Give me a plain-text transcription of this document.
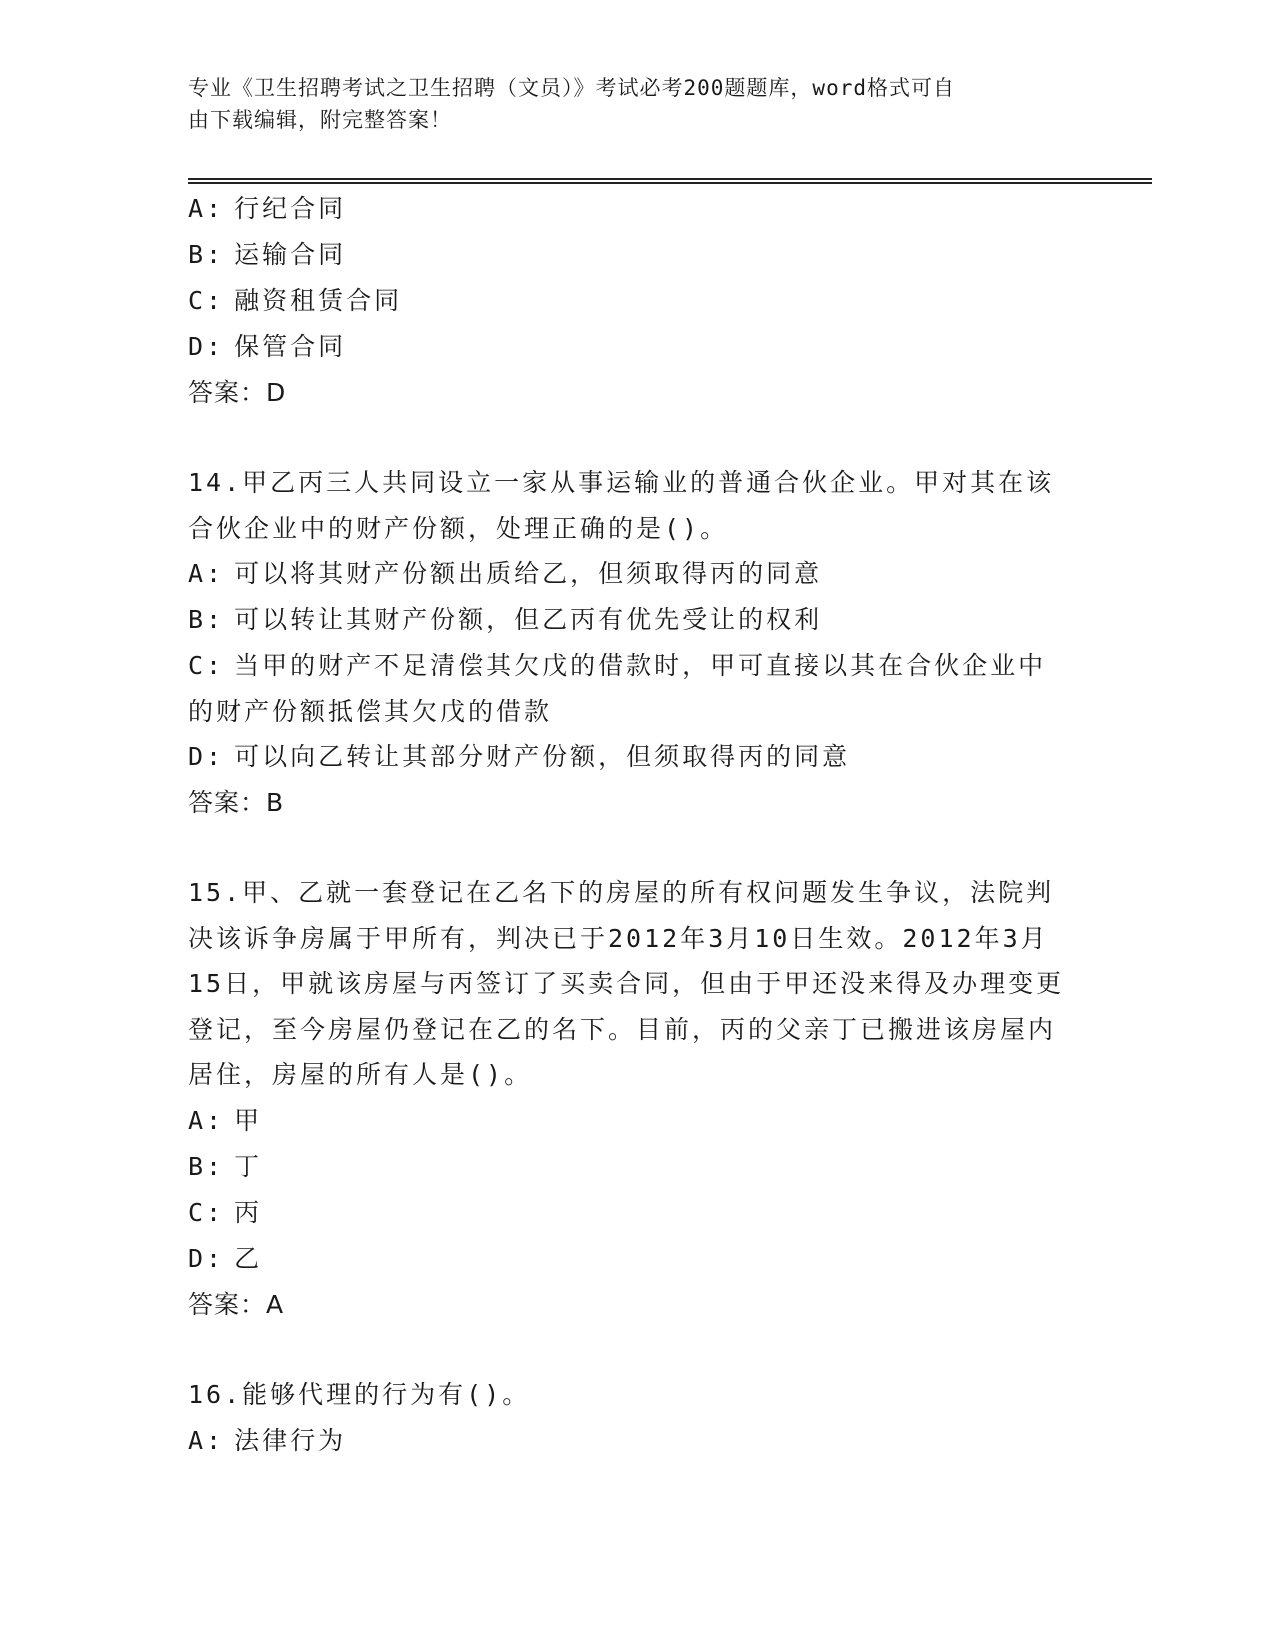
专业《卫生招聘考试之卫生招聘（文员）》考试必考200题题库，word格式可自
由下载编辑，附完整答案！

A: 行纪合同

B: 运输合同

C: 融资租赁合同

D: 保管合同

答案：D

14.甲乙丙三人共同设立一家从事运输业的普通合伙企业。甲对其在该合伙企业中的财产份额，处理正确的是()。

A: 可以将其财产份额出质给乙，但须取得丙的同意

B: 可以转让其财产份额，但乙丙有优先受让的权利

C: 当甲的财产不足清偿其欠戊的借款时，甲可直接以其在合伙企业中的财产份额抵偿其欠戊的借款

D: 可以向乙转让其部分财产份额，但须取得丙的同意

答案：B

15.甲、乙就一套登记在乙名下的房屋的所有权问题发生争议，法院判决该诉争房属于甲所有，判决已于2012年3月10日生效。2012年3月15日，甲就该房屋与丙签订了买卖合同，但由于甲还没来得及办理变更登记，至今房屋仍登记在乙的名下。目前，丙的父亲丁已搬进该房屋内居住，房屋的所有人是()。

A: 甲

B: 丁

C: 丙

D: 乙

答案：A

16.能够代理的行为有()。

A: 法律行为
